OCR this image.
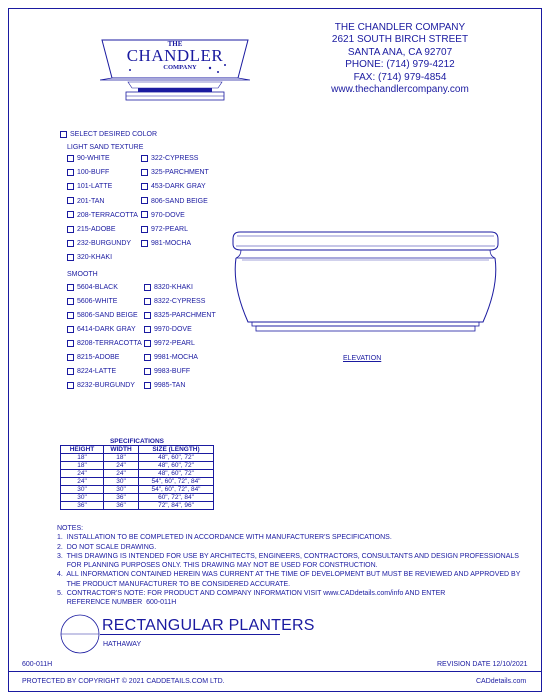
THE
CHANDLER
COMPANY
THE CHANDLER COMPANY
2621 SOUTH BIRCH STREET
SANTA ANA, CA 92707
PHONE: (714) 979-4212
FAX: (714) 979-4854
www.thechandlercompany.com
SELECT DESIRED COLOR
LIGHT SAND TEXTURE
90-WHITE
100-BUFF
101-LATTE
201-TAN
208-TERRACOTTA
215-ADOBE
232-BURGUNDY
320-KHAKI
322-CYPRESS
325-PARCHMENT
453-DARK GRAY
806-SAND BEIGE
970-DOVE
972-PEARL
981-MOCHA
SMOOTH
5604-BLACK
5606-WHITE
5806-SAND BEIGE
6414-DARK GRAY
8208-TERRACOTTA
8215-ADOBE
8224-LATTE
8232-BURGUNDY
8320-KHAKI
8322-CYPRESS
8325-PARCHMENT
9970-DOVE
9972-PEARL
9981-MOCHA
9983-BUFF
9985-TAN
ELEVATION
SPECIFICATIONS		
HEIGHT	WIDTH	SIZE (LENGTH)
18"	18"	48", 60", 72"
18"	24"	48", 60", 72"
24"	24"	48", 60", 72"
24"	30"	54", 60", 72", 84"
30"	30"	54", 60", 72", 84"
30"	36"	60", 72", 84"
36"	36"	72", 84", 96"
NOTES:
1.  INSTALLATION TO BE COMPLETED IN ACCORDANCE WITH MANUFACTURER'S SPECIFICATIONS.
2.  DO NOT SCALE DRAWING.
3.  THIS DRAWING IS INTENDED FOR USE BY ARCHITECTS, ENGINEERS, CONTRACTORS, CONSULTANTS AND DESIGN PROFESSIONALS
FOR PLANNING PURPOSES ONLY. THIS DRAWING MAY NOT BE USED FOR CONSTRUCTION.
4.  ALL INFORMATION CONTAINED HEREIN WAS CURRENT AT THE TIME OF DEVELOPMENT BUT MUST BE REVIEWED AND APPROVED BY
THE PRODUCT MANUFACTURER TO BE CONSIDERED ACCURATE.
5.  CONTRACTOR'S NOTE: FOR PRODUCT AND COMPANY INFORMATION VISIT www.CADdetails.com/info AND ENTER
REFERENCE NUMBER  600-011H
RECTANGULAR PLANTERS
HATHAWAY
600-011H	REVISION DATE 12/10/2021
PROTECTED BY COPYRIGHT © 2021 CADDETAILS.COM LTD.	CADdetails.com
